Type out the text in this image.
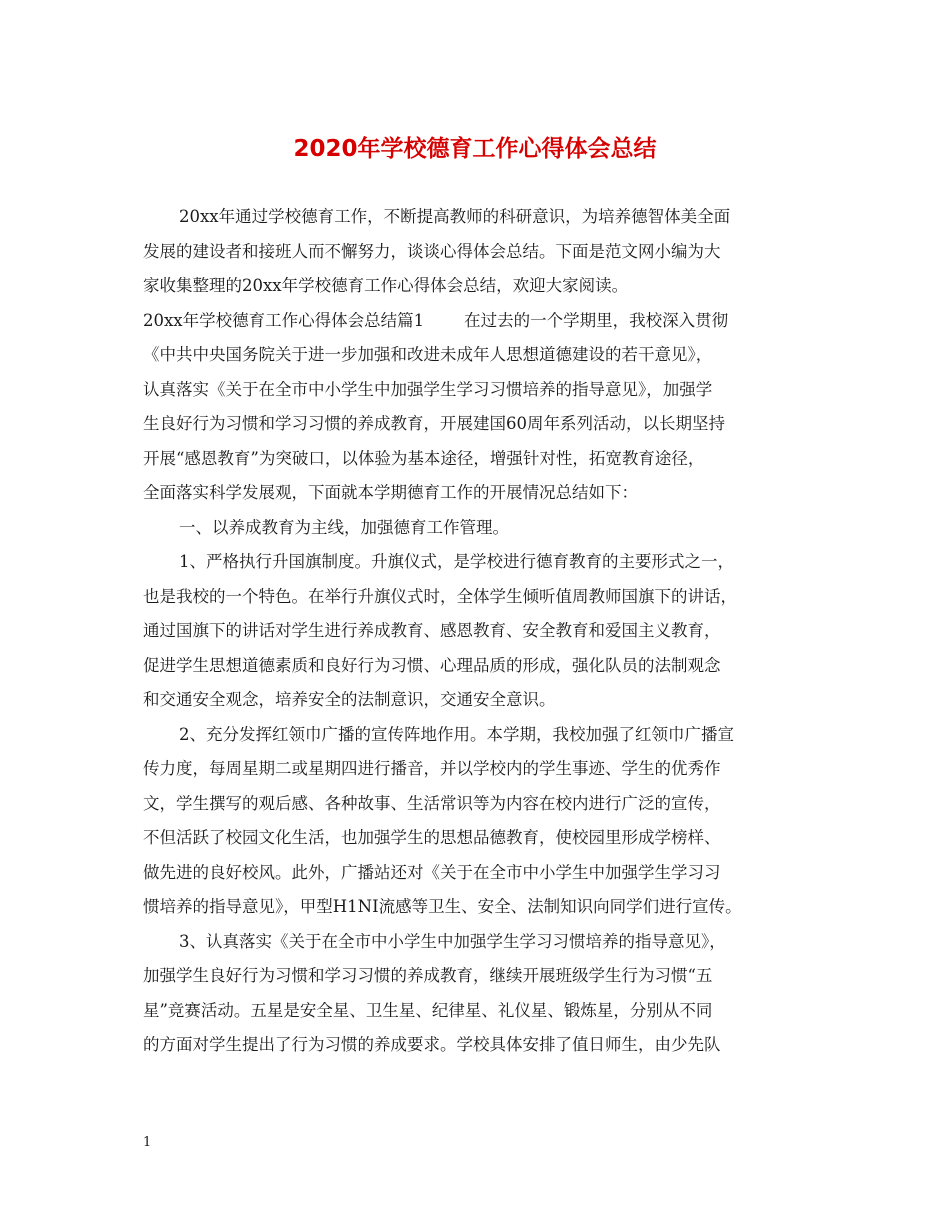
2020年学校德育工作心得体会总结
20xx年通过学校德育工作，不断提高教师的科研意识，为培养德智体美全面
发展的建设者和接班人而不懈努力，谈谈心得体会总结。下面是范文网小编为大
家收集整理的20xx年学校德育工作心得体会总结，欢迎大家阅读。
20xx年学校德育工作心得体会总结篇1 在过去的一个学期里，我校深入贯彻
《中共中央国务院关于进一步加强和改进未成年人思想道德建设的若干意见》，
认真落实《关于在全市中小学生中加强学生学习习惯培养的指导意见》，加强学
生良好行为习惯和学习习惯的养成教育，开展建国60周年系列活动，以长期坚持
开展“感恩教育”为突破口，以体验为基本途径，增强针对性，拓宽教育途径，
全面落实科学发展观，下面就本学期德育工作的开展情况总结如下：
一、以养成教育为主线，加强德育工作管理。
1、严格执行升国旗制度。升旗仪式，是学校进行德育教育的主要形式之一，
也是我校的一个特色。在举行升旗仪式时，全体学生倾听值周教师国旗下的讲话，
通过国旗下的讲话对学生进行养成教育、感恩教育、安全教育和爱国主义教育，
促进学生思想道德素质和良好行为习惯、心理品质的形成，强化队员的法制观念
和交通安全观念，培养安全的法制意识，交通安全意识。
2、充分发挥红领巾广播的宣传阵地作用。本学期，我校加强了红领巾广播宣
传力度，每周星期二或星期四进行播音，并以学校内的学生事迹、学生的优秀作
文，学生撰写的观后感、各种故事、生活常识等为内容在校内进行广泛的宣传，
不但活跃了校园文化生活，也加强学生的思想品德教育，使校园里形成学榜样、
做先进的良好校风。此外，广播站还对《关于在全市中小学生中加强学生学习习
惯培养的指导意见》，甲型H1NI流感等卫生、安全、法制知识向同学们进行宣传。
3、认真落实《关于在全市中小学生中加强学生学习习惯培养的指导意见》，
加强学生良好行为习惯和学习习惯的养成教育，继续开展班级学生行为习惯“五
星”竞赛活动。五星是安全星、卫生星、纪律星、礼仪星、锻炼星，分别从不同
的方面对学生提出了行为习惯的养成要求。学校具体安排了值日师生，由少先队
1
